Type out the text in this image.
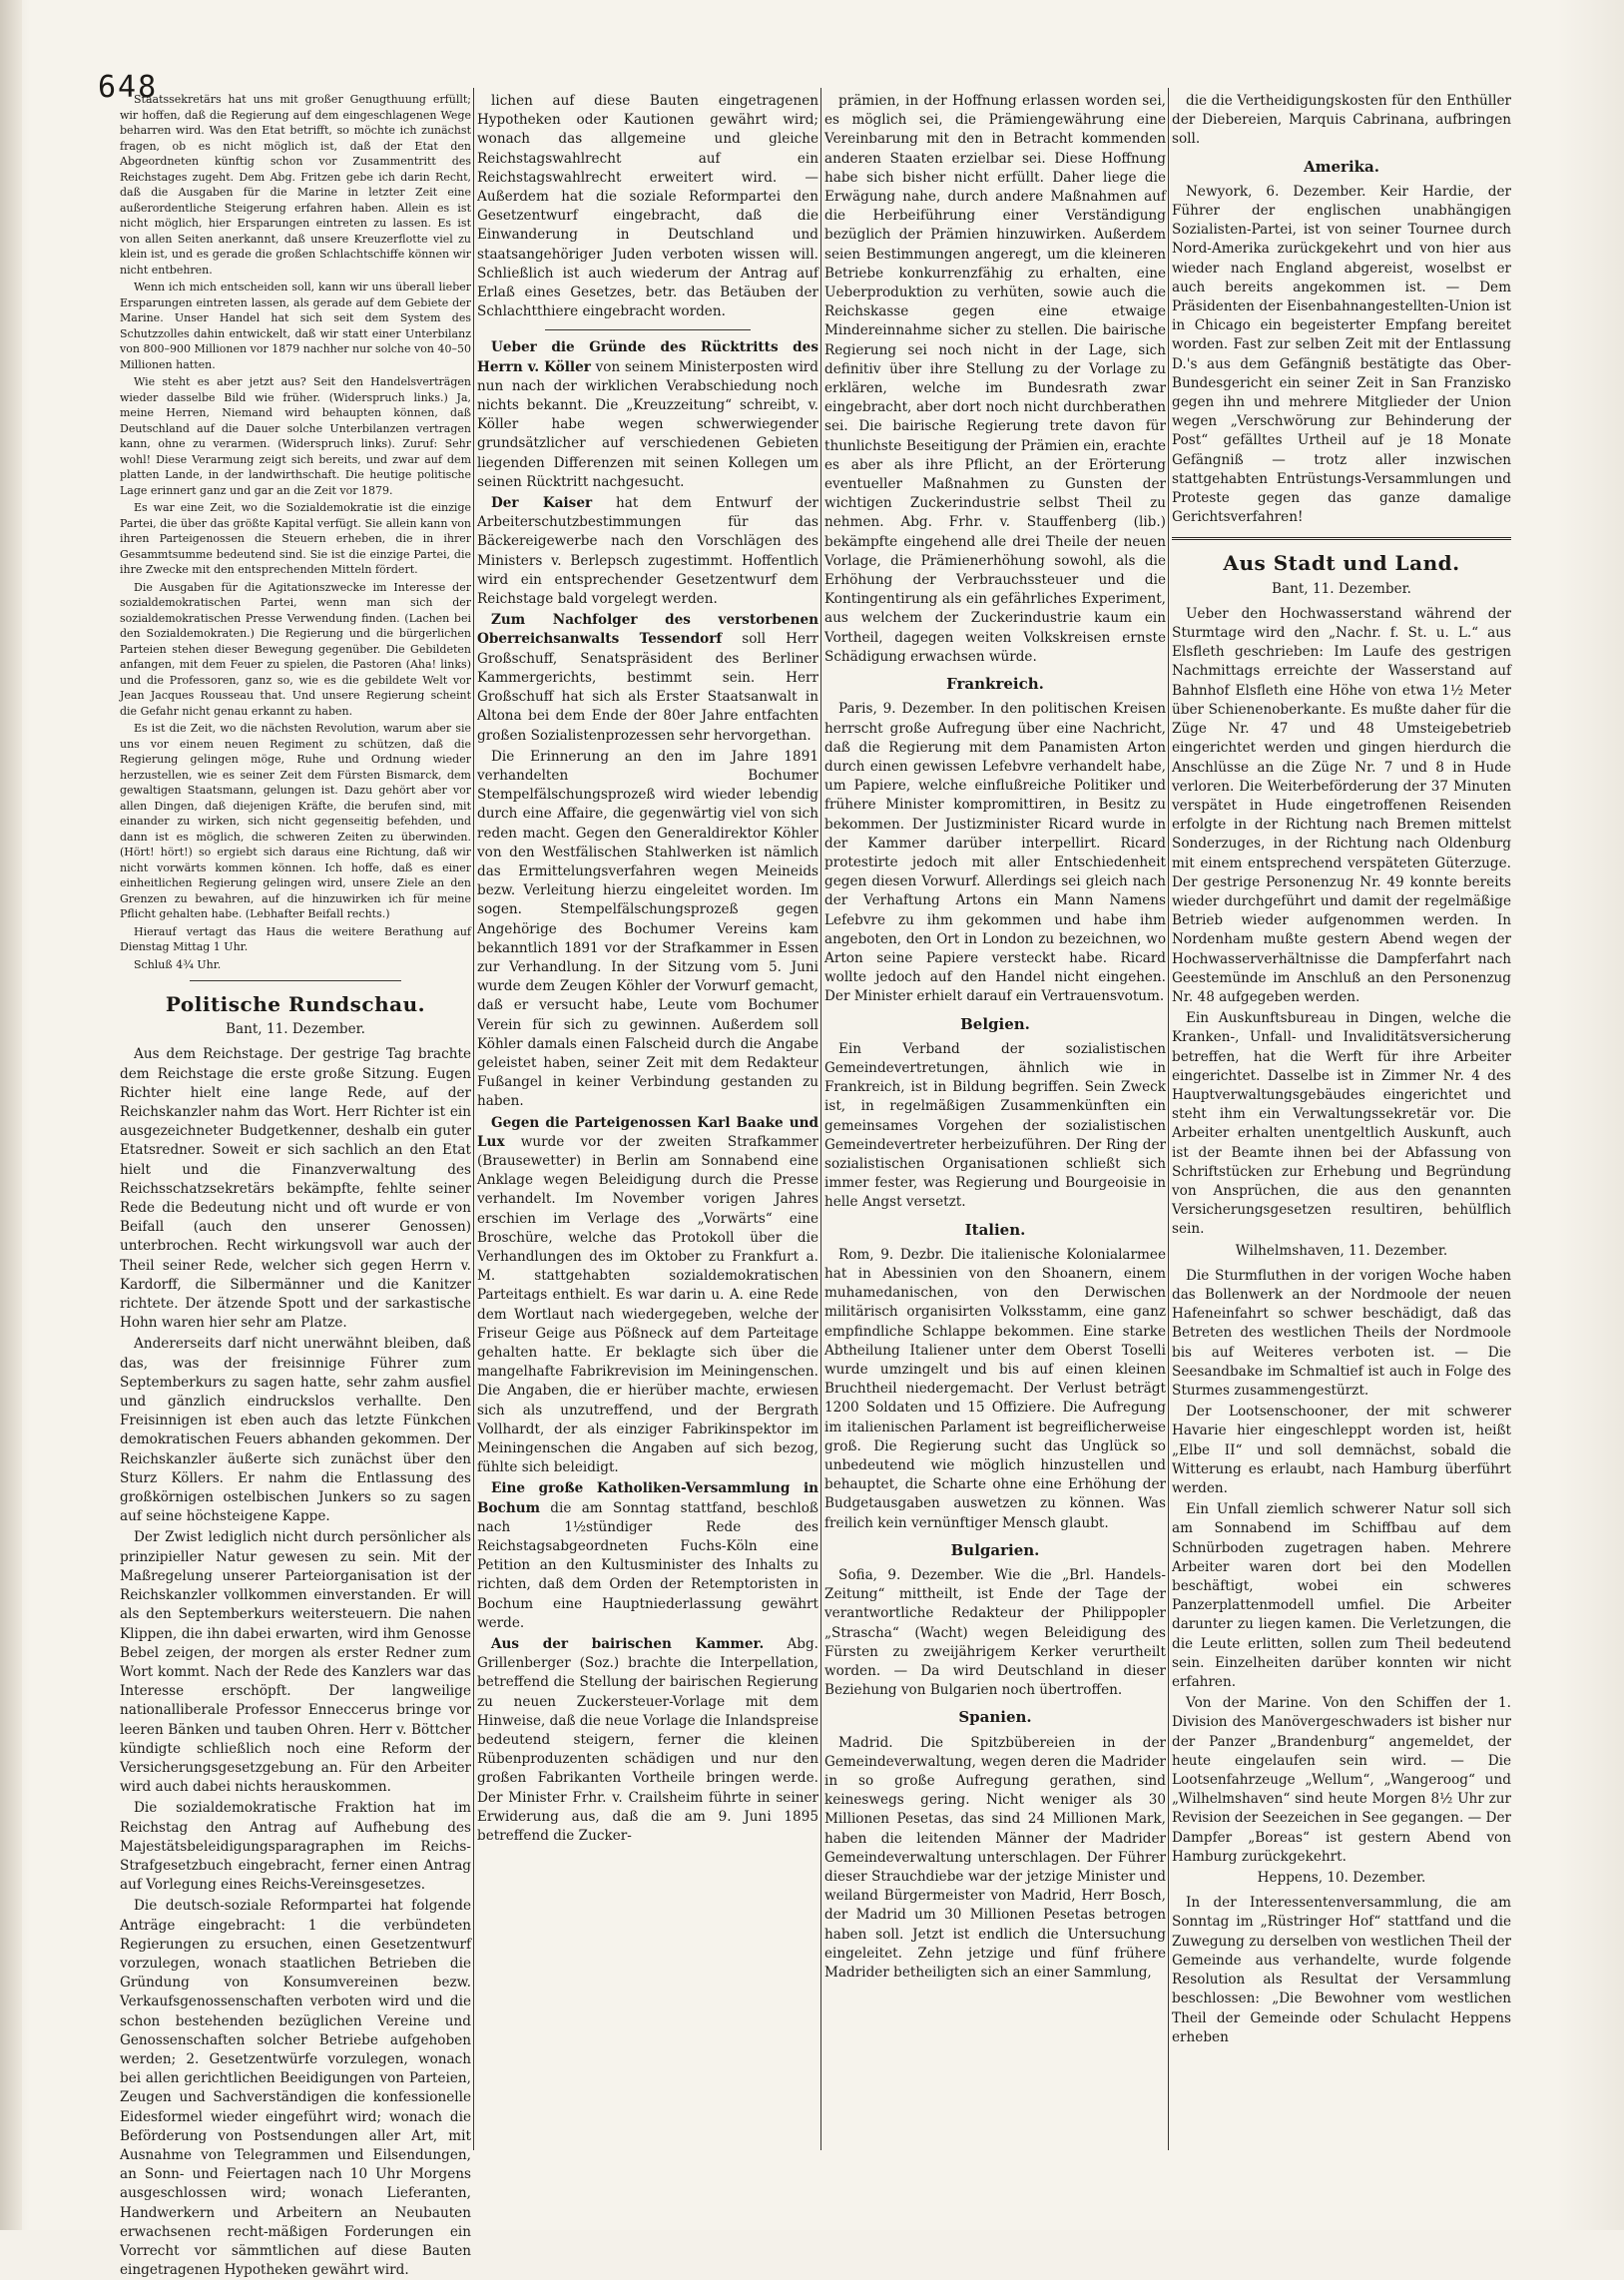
648

Staatssekretärs hat uns mit großer Genugthuung erfüllt; wir hoffen, daß die Regierung auf dem eingeschlagenen Wege beharren wird. Was den Etat betrifft, so möchte ich zunächst fragen, ob es nicht möglich ist, daß der Etat den Abgeordneten künftig schon vor Zusammentritt des Reichstages zugeht. Dem Abg. Fritzen gebe ich darin Recht, daß die Ausgaben für die Marine in letzter Zeit eine außerordentliche Steigerung erfahren haben. Allein es ist nicht möglich, hier Ersparungen eintreten zu lassen. Es ist von allen Seiten anerkannt, daß unsere Kreuzerflotte viel zu klein ist, und es gerade die großen Schlachtschiffe können wir nicht entbehren.

Wenn ich mich entscheiden soll, kann wir uns überall lieber Ersparungen eintreten lassen, als gerade auf dem Gebiete der Marine. Unser Handel hat sich seit dem System des Schutzzolles dahin entwickelt, daß wir statt einer Unterbilanz von 800–900 Millionen vor 1879 nachher nur solche von 40–50 Millionen hatten.

Wie steht es aber jetzt aus? Seit den Handelsverträgen wieder dasselbe Bild wie früher. (Widerspruch links.) Ja, meine Herren, Niemand wird behaupten können, daß Deutschland auf die Dauer solche Unterbilanzen vertragen kann, ohne zu verarmen. (Widerspruch links). Zuruf: Sehr wohl! Diese Verarmung zeigt sich bereits, und zwar auf dem platten Lande, in der landwirthschaft. Die heutige politische Lage erinnert ganz und gar an die Zeit vor 1879.

Es war eine Zeit, wo die Sozialdemokratie ist die einzige Partei, die über das größte Kapital verfügt. Sie allein kann von ihren Parteigenossen die Steuern erheben, die in ihrer Gesammtsumme bedeutend sind. Sie ist die einzige Partei, die ihre Zwecke mit den entsprechenden Mitteln fördert.

Die Ausgaben für die Agitationszwecke im Interesse der sozialdemokratischen Partei, wenn man sich der sozialdemokratischen Presse Verwendung finden. (Lachen bei den Sozialdemokraten.) Die Regierung und die bürgerlichen Parteien stehen dieser Bewegung gegenüber. Die Gebildeten anfangen, mit dem Feuer zu spielen, die Pastoren (Aha! links) und die Professoren, ganz so, wie es die gebildete Welt vor Jean Jacques Rousseau that. Und unsere Regierung scheint die Gefahr nicht genau erkannt zu haben.

Es ist die Zeit, wo die nächsten Revolution, warum aber sie uns vor einem neuen Regiment zu schützen, daß die Regierung gelingen möge, Ruhe und Ordnung wieder herzustellen, wie es seiner Zeit dem Fürsten Bismarck, dem gewaltigen Staatsmann, gelungen ist. Dazu gehört aber vor allen Dingen, daß diejenigen Kräfte, die berufen sind, mit einander zu wirken, sich nicht gegenseitig befehden, und dann ist es möglich, die schweren Zeiten zu überwinden. (Hört! hört!) so ergiebt sich daraus eine Richtung, daß wir nicht vorwärts kommen können. Ich hoffe, daß es einer einheitlichen Regierung gelingen wird, unsere Ziele an den Grenzen zu bewahren, auf die hinzuwirken ich für meine Pflicht gehalten habe. (Lebhafter Beifall rechts.)

Hierauf vertagt das Haus die weitere Berathung auf Dienstag Mittag 1 Uhr.

Schluß 4¾ Uhr.

Politische Rundschau.
Bant, 11. Dezember.

Aus dem Reichstage. Der gestrige Tag brachte dem Reichstage die erste große Sitzung. Eugen Richter hielt eine lange Rede, auf der Reichskanzler nahm das Wort. Herr Richter ist ein ausgezeichneter Budgetkenner, deshalb ein guter Etatsredner. Soweit er sich sachlich an den Etat hielt und die Finanzverwaltung des Reichsschatzsekretärs bekämpfte, fehlte seiner Rede die Bedeutung nicht und oft wurde er von Beifall (auch den unserer Genossen) unterbrochen. Recht wirkungsvoll war auch der Theil seiner Rede, welcher sich gegen Herrn v. Kardorff, die Silbermänner und die Kanitzer richtete. Der ätzende Spott und der sarkastische Hohn waren hier sehr am Platze.

Andererseits darf nicht unerwähnt bleiben, daß das, was der freisinnige Führer zum Septemberkurs zu sagen hatte, sehr zahm ausfiel und gänzlich eindruckslos verhallte. Den Freisinnigen ist eben auch das letzte Fünkchen demokratischen Feuers abhanden gekommen. Der Reichskanzler äußerte sich zunächst über den Sturz Köllers. Er nahm die Entlassung des großkörnigen ostelbischen Junkers so zu sagen auf seine höchsteigene Kappe.

Der Zwist lediglich nicht durch persönlicher als prinzipieller Natur gewesen zu sein. Mit der Maßregelung unserer Parteiorganisation ist der Reichskanzler vollkommen einverstanden. Er will als den Septemberkurs weitersteuern. Die nahen Klippen, die ihn dabei erwarten, wird ihm Genosse Bebel zeigen, der morgen als erster Redner zum Wort kommt. Nach der Rede des Kanzlers war das Interesse erschöpft. Der langweilige nationalliberale Professor Enneccerus bringe vor leeren Bänken und tauben Ohren. Herr v. Böttcher kündigte schließlich noch eine Reform der Versicherungsgesetzgebung an. Für den Arbeiter wird auch dabei nichts herauskommen.

Die sozialdemokratische Fraktion hat im Reichstag den Antrag auf Aufhebung des Majestätsbeleidigungsparagraphen im Reichs-Strafgesetzbuch eingebracht, ferner einen Antrag auf Vorlegung eines Reichs-Vereinsgesetzes.

Die deutsch-soziale Reformpartei hat folgende Anträge eingebracht: 1 die verbündeten Regierungen zu ersuchen, einen Gesetzentwurf vorzulegen, wonach staatlichen Betrieben die Gründung von Konsumvereinen bezw. Verkaufsgenossenschaften verboten wird und die schon bestehenden bezüglichen Vereine und Genossenschaften solcher Betriebe aufgehoben werden; 2. Gesetzentwürfe vorzulegen, wonach bei allen gerichtlichen Beeidigungen von Parteien, Zeugen und Sachverständigen die konfessionelle Eidesformel wieder eingeführt wird; wonach die Beförderung von Postsendungen aller Art, mit Ausnahme von Telegrammen und Eilsendungen, an Sonn- und Feiertagen nach 10 Uhr Morgens ausgeschlossen wird; wonach Lieferanten, Handwerkern und Arbeitern an Neubauten erwachsenen recht-mäßigen Forderungen ein Vorrecht vor sämmtlichen auf diese Bauten eingetragenen Hypotheken gewährt wird.

lichen auf diese Bauten eingetragenen Hypotheken oder Kautionen gewährt wird; wonach das allgemeine und gleiche Reichstagswahlrecht auf ein Reichstagswahlrecht erweitert wird. — Außerdem hat die soziale Reformpartei den Gesetzentwurf eingebracht, daß die Einwanderung in Deutschland und staatsangehöriger Juden verboten wissen will. Schließlich ist auch wiederum der Antrag auf Erlaß eines Gesetzes, betr. das Betäuben der Schlachtthiere eingebracht worden.

Ueber die Gründe des Rücktritts des Herrn v. Köller von seinem Ministerposten wird nun nach der wirklichen Verabschiedung noch nichts bekannt. Die „Kreuzzeitung“ schreibt, v. Köller habe wegen schwerwiegender grundsätzlicher auf verschiedenen Gebieten liegenden Differenzen mit seinen Kollegen um seinen Rücktritt nachgesucht.

Der Kaiser hat dem Entwurf der Arbeiterschutzbestimmungen für das Bäckereigewerbe nach den Vorschlägen des Ministers v. Berlepsch zugestimmt. Hoffentlich wird ein entsprechender Gesetzentwurf dem Reichstage bald vorgelegt werden.

Zum Nachfolger des verstorbenen Oberreichsanwalts Tessendorf soll Herr Großschuff, Senatspräsident des Berliner Kammergerichts, bestimmt sein. Herr Großschuff hat sich als Erster Staatsanwalt in Altona bei dem Ende der 80er Jahre entfachten großen Sozialistenprozessen sehr hervorgethan.

Die Erinnerung an den im Jahre 1891 verhandelten Bochumer Stempelfälschungsprozeß wird wieder lebendig durch eine Affaire, die gegenwärtig viel von sich reden macht. Gegen den Generaldirektor Köhler von den Westfälischen Stahlwerken ist nämlich das Ermittelungsverfahren wegen Meineids bezw. Verleitung hierzu eingeleitet worden. Im sogen. Stempelfälschungsprozeß gegen Angehörige des Bochumer Vereins kam bekanntlich 1891 vor der Strafkammer in Essen zur Verhandlung. In der Sitzung vom 5. Juni wurde dem Zeugen Köhler der Vorwurf gemacht, daß er versucht habe, Leute vom Bochumer Verein für sich zu gewinnen. Außerdem soll Köhler damals einen Falscheid durch die Angabe geleistet haben, seiner Zeit mit dem Redakteur Fußangel in keiner Verbindung gestanden zu haben.

Gegen die Parteigenossen Karl Baake und Lux wurde vor der zweiten Strafkammer (Brausewetter) in Berlin am Sonnabend eine Anklage wegen Beleidigung durch die Presse verhandelt. Im November vorigen Jahres erschien im Verlage des „Vorwärts“ eine Broschüre, welche das Protokoll über die Verhandlungen des im Oktober zu Frankfurt a. M. stattgehabten sozialdemokratischen Parteitags enthielt. Es war darin u. A. eine Rede dem Wortlaut nach wiedergegeben, welche der Friseur Geige aus Pößneck auf dem Parteitage gehalten hatte. Er beklagte sich über die mangelhafte Fabrikrevision im Meiningenschen. Die Angaben, die er hierüber machte, erwiesen sich als unzutreffend, und der Bergrath Vollhardt, der als einziger Fabrikinspektor im Meiningenschen die Angaben auf sich bezog, fühlte sich beleidigt.

Eine große Katholiken-Versammlung in Bochum die am Sonntag stattfand, beschloß nach 1½stündiger Rede des Reichstagsabgeordneten Fuchs-Köln eine Petition an den Kultusminister des Inhalts zu richten, daß dem Orden der Retemptoristen in Bochum eine Hauptniederlassung gewährt werde.

Aus der bairischen Kammer. Abg. Grillenberger (Soz.) brachte die Interpellation, betreffend die Stellung der bairischen Regierung zu neuen Zuckersteuer-Vorlage mit dem Hinweise, daß die neue Vorlage die Inlandspreise bedeutend steigern, ferner die kleinen Rübenproduzenten schädigen und nur den großen Fabrikanten Vortheile bringen werde. Der Minister Frhr. v. Crailsheim führte in seiner Erwiderung aus, daß die am 9. Juni 1895 betreffend die Zucker-

prämien, in der Hoffnung erlassen worden sei, es möglich sei, die Prämiengewährung eine Vereinbarung mit den in Betracht kommenden anderen Staaten erzielbar sei. Diese Hoffnung habe sich bisher nicht erfüllt. Daher liege die Erwägung nahe, durch andere Maßnahmen auf die Herbeiführung einer Verständigung bezüglich der Prämien hinzuwirken. Außerdem seien Bestimmungen angeregt, um die kleineren Betriebe konkurrenzfähig zu erhalten, eine Ueberproduktion zu verhüten, sowie auch die Reichskasse gegen eine etwaige Mindereinnahme sicher zu stellen. Die bairische Regierung sei noch nicht in der Lage, sich definitiv über ihre Stellung zu der Vorlage zu erklären, welche im Bundesrath zwar eingebracht, aber dort noch nicht durchberathen sei. Die bairische Regierung trete davon für thunlichste Beseitigung der Prämien ein, erachte es aber als ihre Pflicht, an der Erörterung eventueller Maßnahmen zu Gunsten der wichtigen Zuckerindustrie selbst Theil zu nehmen. Abg. Frhr. v. Stauffenberg (lib.) bekämpfte eingehend alle drei Theile der neuen Vorlage, die Prämienerhöhung sowohl, als die Erhöhung der Verbrauchssteuer und die Kontingentirung als ein gefährliches Experiment, aus welchem der Zuckerindustrie kaum ein Vortheil, dagegen weiten Volkskreisen ernste Schädigung erwachsen würde.

Frankreich.

Paris, 9. Dezember. In den politischen Kreisen herrscht große Aufregung über eine Nachricht, daß die Regierung mit dem Panamisten Arton durch einen gewissen Lefebvre verhandelt habe, um Papiere, welche einflußreiche Politiker und frühere Minister kompromittiren, in Besitz zu bekommen. Der Justizminister Ricard wurde in der Kammer darüber interpellirt. Ricard protestirte jedoch mit aller Entschiedenheit gegen diesen Vorwurf. Allerdings sei gleich nach der Verhaftung Artons ein Mann Namens Lefebvre zu ihm gekommen und habe ihm angeboten, den Ort in London zu bezeichnen, wo Arton seine Papiere versteckt habe. Ricard wollte jedoch auf den Handel nicht eingehen. Der Minister erhielt darauf ein Vertrauensvotum.

Belgien.

Ein Verband der sozialistischen Gemeindevertretungen, ähnlich wie in Frankreich, ist in Bildung begriffen. Sein Zweck ist, in regelmäßigen Zusammenkünften ein gemeinsames Vorgehen der sozialistischen Gemeindevertreter herbeizuführen. Der Ring der sozialistischen Organisationen schließt sich immer fester, was Regierung und Bourgeoisie in helle Angst versetzt.

Italien.

Rom, 9. Dezbr. Die italienische Kolonialarmee hat in Abessinien von den Shoanern, einem muhamedanischen, von den Derwischen militärisch organisirten Volksstamm, eine ganz empfindliche Schlappe bekommen. Eine starke Abtheilung Italiener unter dem Oberst Toselli wurde umzingelt und bis auf einen kleinen Bruchtheil niedergemacht. Der Verlust beträgt 1200 Soldaten und 15 Offiziere. Die Aufregung im italienischen Parlament ist begreiflicherweise groß. Die Regierung sucht das Unglück so unbedeutend wie möglich hinzustellen und behauptet, die Scharte ohne eine Erhöhung der Budgetausgaben auswetzen zu können. Was freilich kein vernünftiger Mensch glaubt.

Bulgarien.

Sofia, 9. Dezember. Wie die „Brl. Handels-Zeitung“ mittheilt, ist Ende der Tage der verantwortliche Redakteur der Philippopler „Strascha“ (Wacht) wegen Beleidigung des Fürsten zu zweijährigem Kerker verurtheilt worden. — Da wird Deutschland in dieser Beziehung von Bulgarien noch übertroffen.

Spanien.

Madrid. Die Spitzbübereien in der Gemeindeverwaltung, wegen deren die Madrider in so große Aufregung gerathen, sind keineswegs gering. Nicht weniger als 30 Millionen Pesetas, das sind 24 Millionen Mark, haben die leitenden Männer der Madrider Gemeindeverwaltung unterschlagen. Der Führer dieser Strauchdiebe war der jetzige Minister und weiland Bürgermeister von Madrid, Herr Bosch, der Madrid um 30 Millionen Pesetas betrogen haben soll. Jetzt ist endlich die Untersuchung eingeleitet. Zehn jetzige und fünf frühere Madrider betheiligten sich an einer Sammlung,

die die Vertheidigungskosten für den Enthüller der Diebereien, Marquis Cabrinana, aufbringen soll.

Amerika.

Newyork, 6. Dezember. Keir Hardie, der Führer der englischen unabhängigen Sozialisten-Partei, ist von seiner Tournee durch Nord-Amerika zurückgekehrt und von hier aus wieder nach England abgereist, woselbst er auch bereits angekommen ist. — Dem Präsidenten der Eisenbahnangestellten-Union ist in Chicago ein begeisterter Empfang bereitet worden. Fast zur selben Zeit mit der Entlassung D.'s aus dem Gefängniß bestätigte das Ober-Bundesgericht ein seiner Zeit in San Franzisko gegen ihn und mehrere Mitglieder der Union wegen „Verschwörung zur Behinderung der Post“ gefälltes Urtheil auf je 18 Monate Gefängniß — trotz aller inzwischen stattgehabten Entrüstungs-Versammlungen und Proteste gegen das ganze damalige Gerichtsverfahren!

Aus Stadt und Land.
Bant, 11. Dezember.

Ueber den Hochwasserstand während der Sturmtage wird den „Nachr. f. St. u. L.“ aus Elsfleth geschrieben: Im Laufe des gestrigen Nachmittags erreichte der Wasserstand auf Bahnhof Elsfleth eine Höhe von etwa 1½ Meter über Schienenoberkante. Es mußte daher für die Züge Nr. 47 und 48 Umsteigebetrieb eingerichtet werden und gingen hierdurch die Anschlüsse an die Züge Nr. 7 und 8 in Hude verloren. Die Weiterbeförderung der 37 Minuten verspätet in Hude eingetroffenen Reisenden erfolgte in der Richtung nach Bremen mittelst Sonderzuges, in der Richtung nach Oldenburg mit einem entsprechend verspäteten Güterzuge. Der gestrige Personenzug Nr. 49 konnte bereits wieder durchgeführt und damit der regelmäßige Betrieb wieder aufgenommen werden. In Nordenham mußte gestern Abend wegen der Hochwasserverhältnisse die Dampferfahrt nach Geestemünde im Anschluß an den Personenzug Nr. 48 aufgegeben werden.

Ein Auskunftsbureau in Dingen, welche die Kranken-, Unfall- und Invaliditätsversicherung betreffen, hat die Werft für ihre Arbeiter eingerichtet. Dasselbe ist in Zimmer Nr. 4 des Hauptverwaltungsgebäudes eingerichtet und steht ihm ein Verwaltungssekretär vor. Die Arbeiter erhalten unentgeltlich Auskunft, auch ist der Beamte ihnen bei der Abfassung von Schriftstücken zur Erhebung und Begründung von Ansprüchen, die aus den genannten Versicherungsgesetzen resultiren, behülflich sein.

Wilhelmshaven, 11. Dezember.

Die Sturmfluthen in der vorigen Woche haben das Bollenwerk an der Nordmoole der neuen Hafeneinfahrt so schwer beschädigt, daß das Betreten des westlichen Theils der Nordmoole bis auf Weiteres verboten ist. — Die Seesandbake im Schmaltief ist auch in Folge des Sturmes zusammengestürzt.

Der Lootsenschooner, der mit schwerer Havarie hier eingeschleppt worden ist, heißt „Elbe II“ und soll demnächst, sobald die Witterung es erlaubt, nach Hamburg überführt werden.

Ein Unfall ziemlich schwerer Natur soll sich am Sonnabend im Schiffbau auf dem Schnürboden zugetragen haben. Mehrere Arbeiter waren dort bei den Modellen beschäftigt, wobei ein schweres Panzerplattenmodell umfiel. Die Arbeiter darunter zu liegen kamen. Die Verletzungen, die die Leute erlitten, sollen zum Theil bedeutend sein. Einzelheiten darüber konnten wir nicht erfahren.

Von der Marine. Von den Schiffen der 1. Division des Manövergeschwaders ist bisher nur der Panzer „Brandenburg“ angemeldet, der heute eingelaufen sein wird. — Die Lootsenfahrzeuge „Wellum“, „Wangeroog“ und „Wilhelmshaven“ sind heute Morgen 8½ Uhr zur Revision der Seezeichen in See gegangen. — Der Dampfer „Boreas“ ist gestern Abend von Hamburg zurückgekehrt.

Heppens, 10. Dezember.

In der Interessentenversammlung, die am Sonntag im „Rüstringer Hof“ stattfand und die Zuwegung zu derselben von westlichen Theil der Gemeinde aus verhandelte, wurde folgende Resolution als Resultat der Versammlung beschlossen: „Die Bewohner vom westlichen Theil der Gemeinde oder Schulacht Heppens erheben
